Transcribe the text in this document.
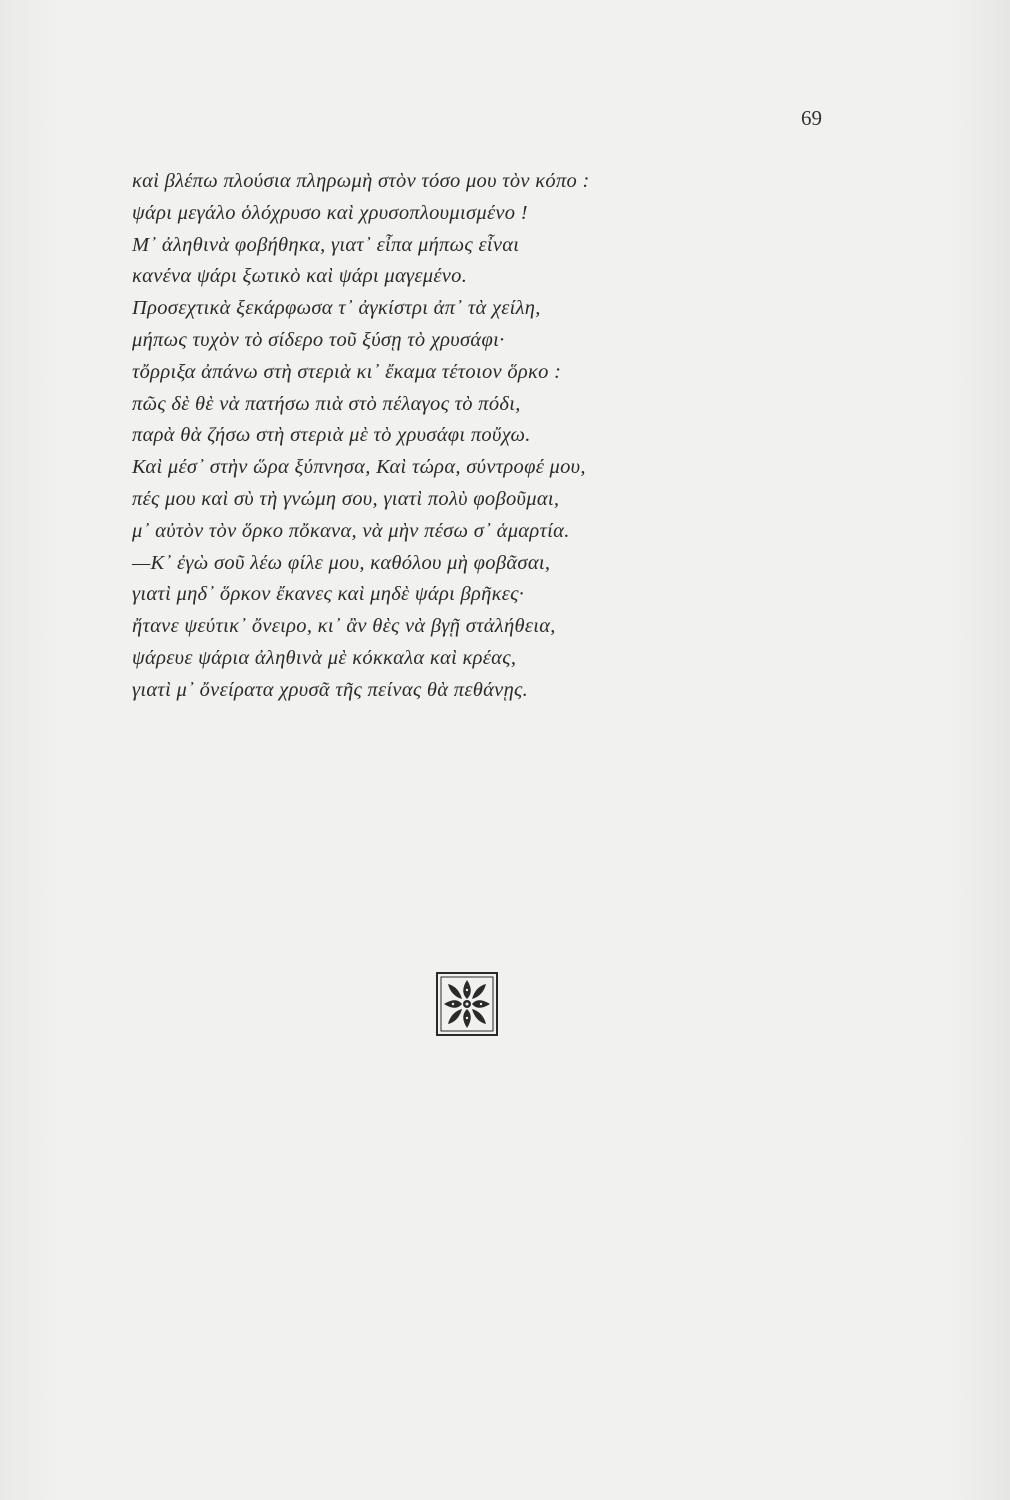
69
καὶ βλέπω πλούσια πληρωμὴ στὸν τόσο μου τὸν κόπο :
ψάρι μεγάλο ὁλόχρυσο καὶ χρυσοπλουμισμένο !
Μ᾽ ἀληθινὰ φοβήθηκα, γιατ᾽ εἶπα μήπως εἶναι
κανένα ψάρι ξωτικὸ καὶ ψάρι μαγεμένο.
Προσεχτικὰ ξεκάρφωσα τ᾽ ἀγκίστρι ἀπ᾽ τὰ χείλη,
μήπως τυχὸν τὸ σίδερο τοῦ ξύσῃ τὸ χρυσάφι·
τὄρριξα ἀπάνω στὴ στεριὰ κι᾽ ἔκαμα τέτοιον ὅρκο :
πῶς δὲ θὲ νὰ πατήσω πιὰ στὸ πέλαγος τὸ πόδι,
παρὰ θὰ ζήσω στὴ στεριὰ μὲ τὸ χρυσάφι ποὔχω.
Καὶ μέσ᾽ στὴν ὥρα ξύπνησα, Καὶ τώρα, σύντροφέ μου,
πές μου καὶ σὺ τὴ γνώμη σου, γιατὶ πολὺ φοβοῦμαι,
μ᾽ αὐτὸν τὸν ὅρκο πὄκανα, νὰ μὴν πέσω σ᾽ ἁμαρτία.
—Κ᾽ ἐγὼ σοῦ λέω φίλε μου, καθόλου μὴ φοβᾶσαι,
γιατὶ μηδ᾽ ὅρκον ἔκανες καὶ μηδὲ ψάρι βρῆκες·
ἤτανε ψεύτικ᾽ ὄνειρο, κι᾽ ἂν θὲς νὰ βγῇ στἀλήθεια,
ψάρευε ψάρια ἀληθινὰ μὲ κόκκαλα καὶ κρέας,
γιατὶ μ᾽ ὄνείρατα χρυσᾶ τῆς πείνας θὰ πεθάνῃς.
